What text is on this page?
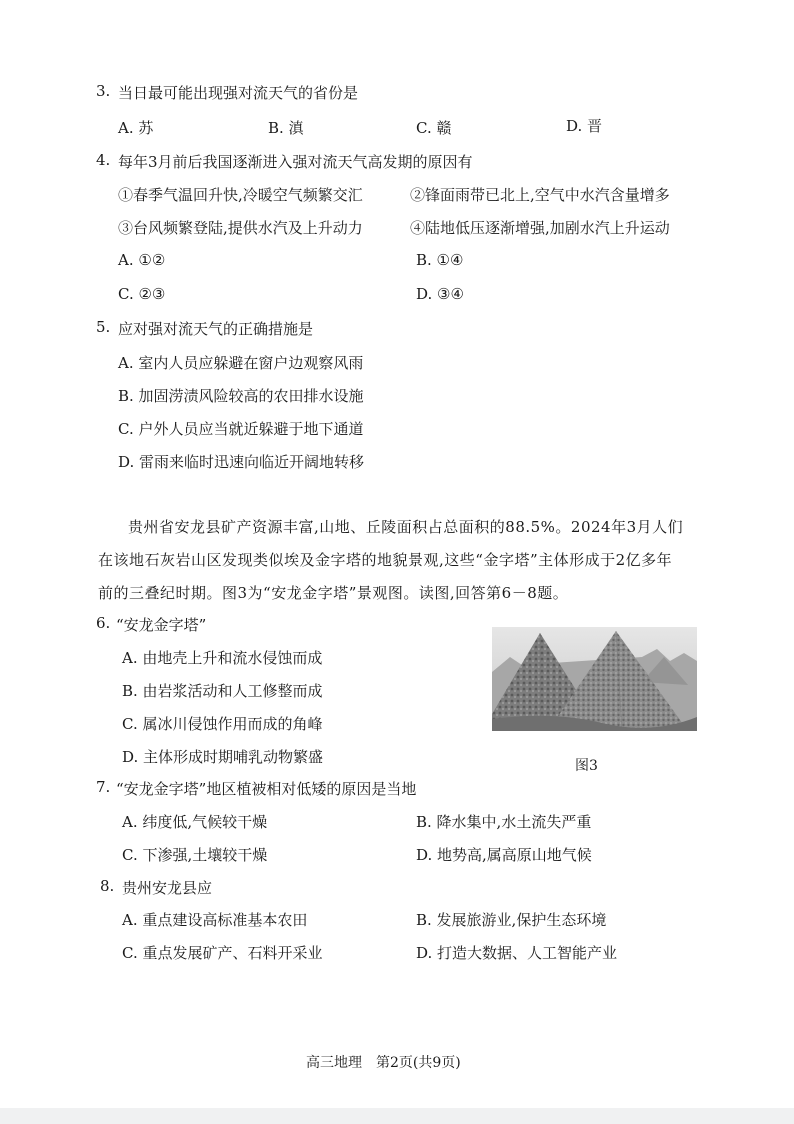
3. 当日最可能出现强对流天气的省份是
A. 苏	B. 滇	C. 赣	D. 晋
4. 每年3月前后我国逐渐进入强对流天气高发期的原因有
①春季气温回升快,冷暖空气频繁交汇	②锋面雨带已北上,空气中水汽含量增多
③台风频繁登陆,提供水汽及上升动力	④陆地低压逐渐增强,加剧水汽上升运动
A. ①②	B. ①④
C. ②③	D. ③④
5. 应对强对流天气的正确措施是
A. 室内人员应躲避在窗户边观察风雨
B. 加固涝渍风险较高的农田排水设施
C. 户外人员应当就近躲避于地下通道
D. 雷雨来临时迅速向临近开阔地转移
贵州省安龙县矿产资源丰富,山地、丘陵面积占总面积的88.5%。2024年3月人们
在该地石灰岩山区发现类似埃及金字塔的地貌景观,这些“金字塔”主体形成于2亿多年
前的三叠纪时期。图3为“安龙金字塔”景观图。读图,回答第6－8题。
6. “安龙金字塔”
A. 由地壳上升和流水侵蚀而成
B. 由岩浆活动和人工修整而成
C. 属冰川侵蚀作用而成的角峰
D. 主体形成时期哺乳动物繁盛	图3
7. “安龙金字塔”地区植被相对低矮的原因是当地
A. 纬度低,气候较干燥	B. 降水集中,水土流失严重
C. 下渗强,土壤较干燥	D. 地势高,属高原山地气候
8. 贵州安龙县应
A. 重点建设高标准基本农田	B. 发展旅游业,保护生态环境
C. 重点发展矿产、石料开采业	D. 打造大数据、人工智能产业
高三地理　第2页(共9页)
